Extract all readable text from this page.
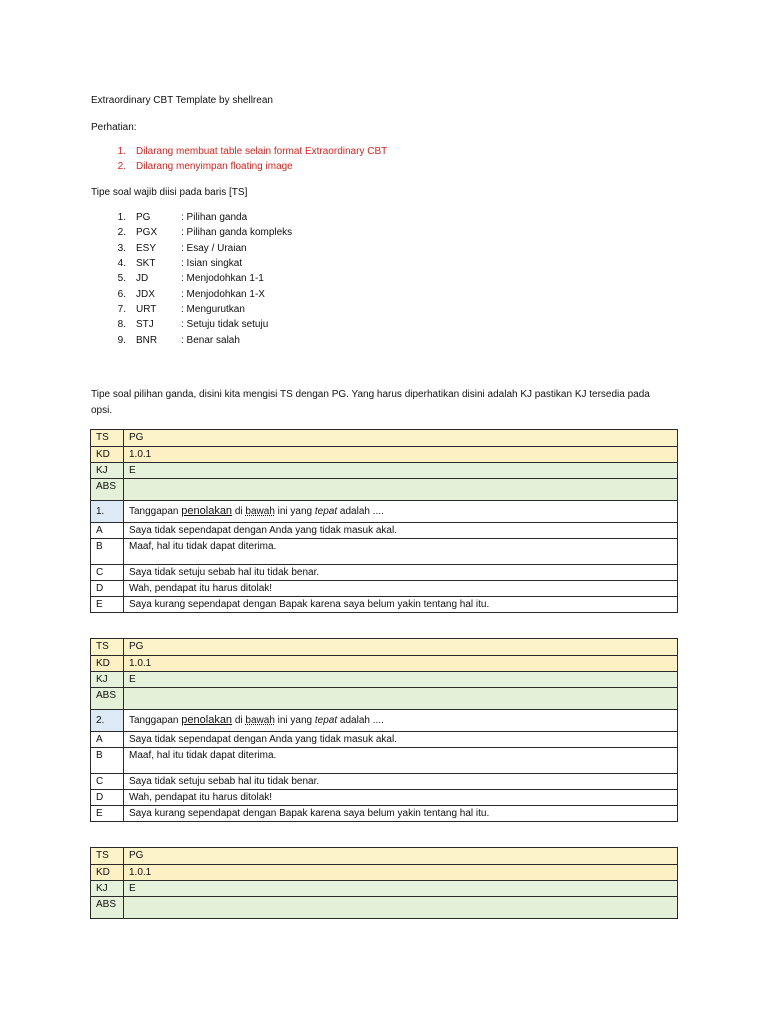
Extraordinary CBT Template by shellrean

Perhatian:

1.	Dilarang membuat table selain format Extraordinary CBT
2.	Dilarang menyimpan floating image

Tipe soal wajib diisi pada baris [TS]

1.	PG	: Pilihan ganda
2.	PGX	: Pilihan ganda kompleks
3.	ESY	: Esay / Uraian
4.	SKT	: Isian singkat
5.	JD	: Menjodohkan 1-1
6.	JDX	: Menjodohkan 1-X
7.	URT	: Mengurutkan
8.	STJ	: Setuju tidak setuju
9.	BNR	: Benar salah

Tipe soal pilihan ganda, disini kita mengisi TS dengan PG. Yang harus diperhatikan disini adalah KJ pastikan KJ tersedia pada

opsi.

TS	PG
KD	1.0.1
KJ	E
ABS	
1.	Tanggapan penolakan di bawah ini yang tepat adalah ....
A	Saya tidak sependapat dengan Anda yang tidak masuk akal.
B	Maaf, hal itu tidak dapat diterima.
C	Saya tidak setuju sebab hal itu tidak benar.
D	Wah, pendapat itu harus ditolak!
E	Saya kurang sependapat dengan Bapak karena saya belum yakin tentang hal itu.
TS	PG
KD	1.0.1
KJ	E
ABS	
2.	Tanggapan penolakan di bawah ini yang tepat adalah ....
A	Saya tidak sependapat dengan Anda yang tidak masuk akal.
B	Maaf, hal itu tidak dapat diterima.
C	Saya tidak setuju sebab hal itu tidak benar.
D	Wah, pendapat itu harus ditolak!
E	Saya kurang sependapat dengan Bapak karena saya belum yakin tentang hal itu.
TS	PG
KD	1.0.1
KJ	E
ABS	
